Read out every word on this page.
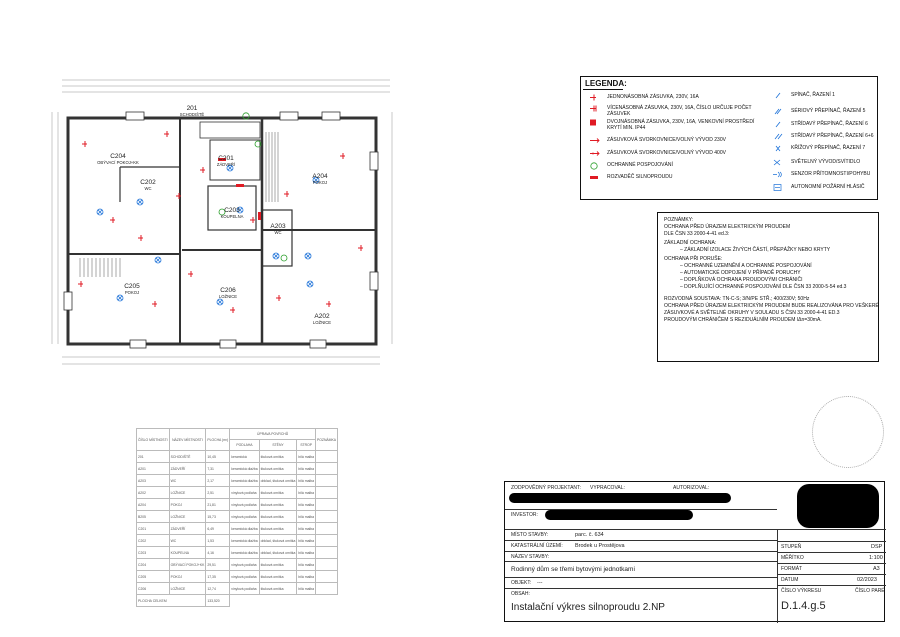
201
SCHODIŠTĚ
C204
OBÝVACÍ POKOJ+KK
C202
WC
C201
ZÁDVEŘÍ
C203
KOUPELNA
A204
POKOJ
A203
WC
C205
POKOJ	C206
LOŽNICE
A202
LOŽNICE
LEGENDA:
JEDNONÁSOBNÁ ZÁSUVKA, 230V, 16A
VÍCENÁSOBNÁ ZÁSUVKA, 230V, 16A, ČÍSLO URČUJE POČET ZÁSUVEK
DVOJNÁSOBNÁ ZÁSUVKA, 230V, 16A, VENKOVNÍ PROSTŘEDÍ KRYTÍ MIN. IP44
ZÁSUVKOVÁ SVORKOVNICE/VOLNÝ VÝVOD 230V
ZÁSUVKOVÁ SVORKOVNICE/VOLNÝ VÝVOD 400V
OCHRANNÉ POSPOJOVÁNÍ
ROZVADĚČ SILNOPROUDU
SPÍNAČ, ŘAZENÍ 1
SÉRIOVÝ PŘEPÍNAČ, ŘAZENÍ 5
STŘÍDAVÝ PŘEPÍNAČ, ŘAZENÍ 6
STŘÍDAVÝ PŘEPÍNAČ, ŘAZENÍ 6+6
KŘÍŽOVÝ PŘEPÍNAČ, ŘAZENÍ 7
SVĚTELNÝ VÝVOD/SVÍTIDLO
SENZOR PŘÍTOMNOSTI/POHYBU
AUTONOMNÍ POŽÁRNÍ HLÁSIČ
POZNÁMKY:
OCHRANA PŘED ÚRAZEM ELEKTRICKÝM PROUDEM
DLE ČSN 33 2000-4-41 ed.3:
ZÁKLADNÍ OCHRANA:
– ZÁKLADNÍ IZOLACE ŽIVÝCH ČÁSTÍ, PŘEPÁŽKY NEBO KRYTY
OCHRANA PŘI PORUŠE:
– OCHRANNÉ UZEMNĚNÍ A OCHRANNÉ POSPOJOVÁNÍ
– AUTOMATICKÉ ODPOJENÍ V PŘÍPADĚ PORUCHY
– DOPLŇKOVÁ OCHRANA PROUDOVÝMI CHRÁNIČI
– DOPLŇUJÍCÍ OCHRANNÉ POSPOJOVÁNÍ DLE ČSN 33 2000-5-54 ed.3
ROZVODNÁ SOUSTAVA: TN-C-S; 3/N/PE STŘ.; 400/230V; 50Hz
OCHRANA PŘED ÚRAZEM ELEKTRICKÝM PROUDEM BUDE REALIZOVÁNA PRO VEŠKERÉ
ZÁSUVKOVÉ A SVĚTELNÉ OKRUHY V SOULADU S ČSN 33 2000-4-41 ED.3
PROUDOVÝM CHRÁNIČEM S REZIDUÁLNÍM PROUDEM IΔn=30mA.
ČÍSLO MÍSTNOSTI	NÁZEV MÍSTNOSTI	PLOCHA (m²)	ÚPRAVA POVRCHŮ			POZNÁMKA
			PODLAHA	STĚNY	STROP	
201	SCHODIŠTĚ	10,45	keramická	štuková omítka	bílá malba	
A201	ZÁDVEŘÍ	7,31	keramická dlažba	štuková omítka	bílá malba	
A203	WC	2,17	keramická dlažba	obklad, štuková omítka	bílá malba	
A202	LOŽNICE	2,51	vinylová podlaha	štuková omítka	bílá malba	
A204	POKOJ	21,81	vinylová podlaha	štuková omítka	bílá malba	
B205	LOŽNICE	15,73	vinylová podlaha	štuková omítka	bílá malba	
C201	ZÁDVEŘÍ	6,49	keramická dlažba	štuková omítka	bílá malba	
C202	WC	1,53	keramická dlažba	obklad, štuková omítka	bílá malba	
C203	KOUPELNA	4,16	keramická dlažba	obklad, štuková omítka	bílá malba	
C204	OBÝVACÍ POKOJ+KK	29,51	vinylová podlaha	štuková omítka	bílá malba	
C205	POKOJ	17,35	vinylová podlaha	štuková omítka	bílá malba	
C206	LOŽNICE	12,74	vinylová podlaha	štuková omítka	bílá malba	
PLOCHA CELKEM		133,520				
ZODPOVĚDNÝ PROJEKTANT: VYPRACOVAL:	AUTORIZOVAL:
INVESTOR:
MÍSTO STAVBY:	parc. č. 634
KATASTRÁLNÍ ÚZEMÍ: Brodek u Prostějova
NÁZEV STAVBY:
Rodinný dům se třemi bytovými jednotkami
OBJEKT: ---
OBSAH:
Instalační výkres silnoproudu 2.NP
STUPEŇ	DSP
MĚŘÍTKO	1:100
FORMÁT	A3
DATUM	02/2023
ČÍSLO VÝKRESU	ČÍSLO PARÉ
D.1.4.g.5
